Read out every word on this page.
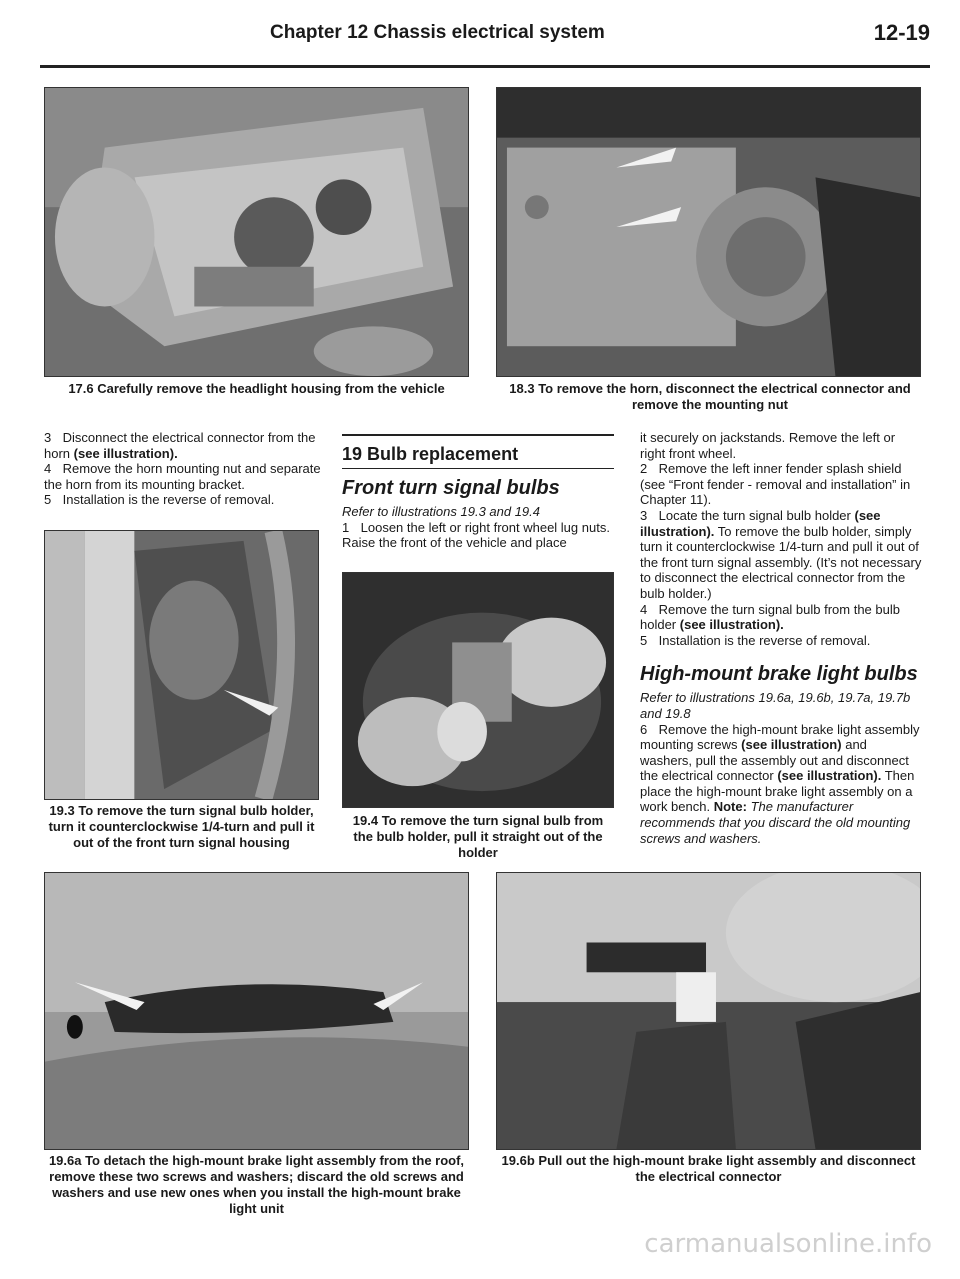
Chapter 12 Chassis electrical system	12-19
17.6 Carefully remove the headlight housing from the vehicle	18.3 To remove the horn, disconnect the electrical connector and remove the mounting nut

3 Disconnect the electrical connector from the horn (see illustration).

4 Remove the horn mounting nut and separate the horn from its mounting bracket.

5 Installation is the reverse of removal.

19.3 To remove the turn signal bulb holder, turn it counterclockwise 1/4-turn and pull it out of the front turn signal housing
19 Bulb replacement
Front turn signal bulbs

Refer to illustrations 19.3 and 19.4

1 Loosen the left or right front wheel lug nuts. Raise the front of the vehicle and place

19.4 To remove the turn signal bulb from the bulb holder, pull it straight out of the holder

it securely on jackstands. Remove the left or right front wheel.

2 Remove the left inner fender splash shield (see “Front fender - removal and installation” in Chapter 11).

3 Locate the turn signal bulb holder (see illustration). To remove the bulb holder, simply turn it counterclockwise 1/4-turn and pull it out of the front turn signal assembly. (It’s not necessary to disconnect the electrical connector from the bulb holder.)

4 Remove the turn signal bulb from the bulb holder (see illustration).

5 Installation is the reverse of removal.

High-mount brake light bulbs

Refer to illustrations 19.6a, 19.6b, 19.7a, 19.7b and 19.8

6 Remove the high-mount brake light assembly mounting screws (see illustration) and washers, pull the assembly out and disconnect the electrical connector (see illustration). Then place the high-mount brake light assembly on a work bench. Note: The manufacturer recommends that you discard the old mounting screws and washers.

19.6a To detach the high-mount brake light assembly from the roof, remove these two screws and washers; discard the old screws and washers and use new ones when you install the high-mount brake light unit
19.6b Pull out the high-mount brake light assembly and disconnect the electrical connector
carmanualsonline.info
